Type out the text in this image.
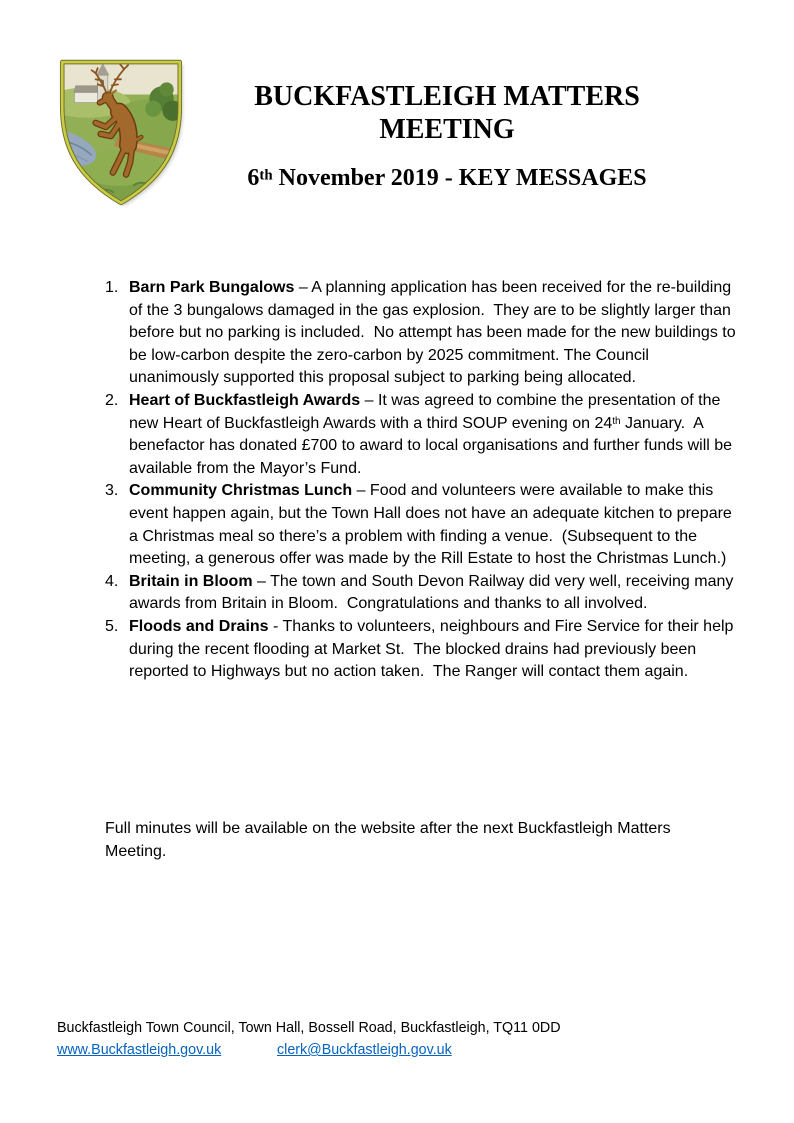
BUCKFASTLEIGH MATTERS
MEETING
6th November 2019 - KEY MESSAGES
1. Barn Park Bungalows – A planning application has been received for the re-building of the 3 bungalows damaged in the gas explosion.  They are to be slightly larger than before but no parking is included.  No attempt has been made for the new buildings to be low-carbon despite the zero-carbon by 2025 commitment. The Council unanimously supported this proposal subject to parking being allocated.
2. Heart of Buckfastleigh Awards – It was agreed to combine the presentation of the new Heart of Buckfastleigh Awards with a third SOUP evening on 24th January.  A benefactor has donated £700 to award to local organisations and further funds will be available from the Mayor’s Fund.
3. Community Christmas Lunch – Food and volunteers were available to make this event happen again, but the Town Hall does not have an adequate kitchen to prepare a Christmas meal so there’s a problem with finding a venue.  (Subsequent to the meeting, a generous offer was made by the Rill Estate to host the Christmas Lunch.)
4. Britain in Bloom – The town and South Devon Railway did very well, receiving many awards from Britain in Bloom.  Congratulations and thanks to all involved.
5. Floods and Drains - Thanks to volunteers, neighbours and Fire Service for their help during the recent flooding at Market St.  The blocked drains had previously been reported to Highways but no action taken.  The Ranger will contact them again.
Full minutes will be available on the website after the next Buckfastleigh Matters Meeting.
Buckfastleigh Town Council, Town Hall, Bossell Road, Buckfastleigh, TQ11 0DD
www.Buckfastleigh.gov.uk	clerk@Buckfastleigh.gov.uk
